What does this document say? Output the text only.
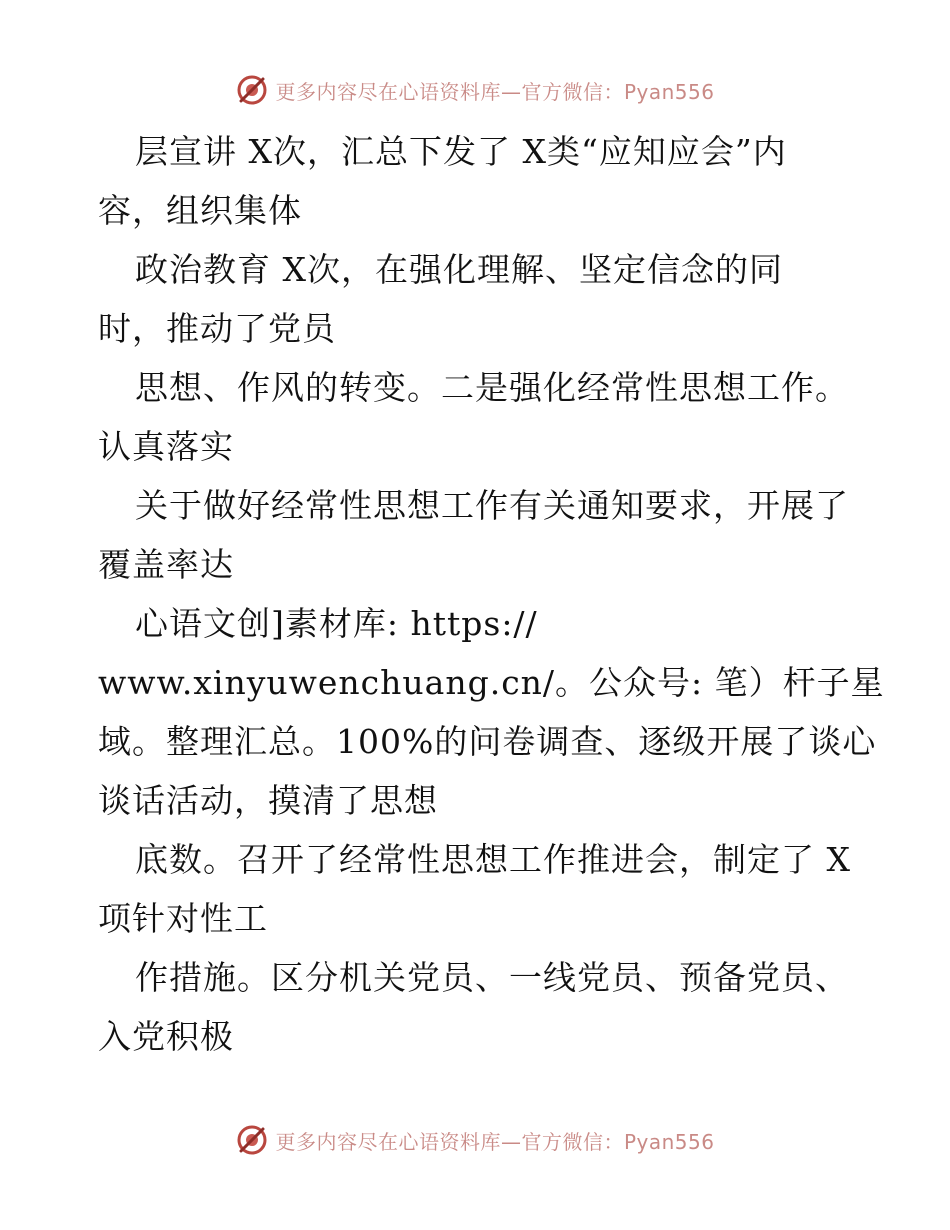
更多内容尽在心语资料库—官方微信：Pyan556
层宣讲 X次，汇总下发了 X类“应知应会”内
容，组织集体
政治教育 X次，在强化理解、坚定信念的同
时，推动了党员
思想、作风的转变。二是强化经常性思想工作。
认真落实
关于做好经常性思想工作有关通知要求，开展了
覆盖率达
心语文创]素材库: https://
www.xinyuwenchuang.cn/。公众号: 笔）杆子星
域。整理汇总。100%的问卷调查、逐级开展了谈心
谈话活动，摸清了思想
底数。召开了经常性思想工作推进会，制定了 X
项针对性工
作措施。区分机关党员、一线党员、预备党员、
入党积极
更多内容尽在心语资料库—官方微信：Pyan556
